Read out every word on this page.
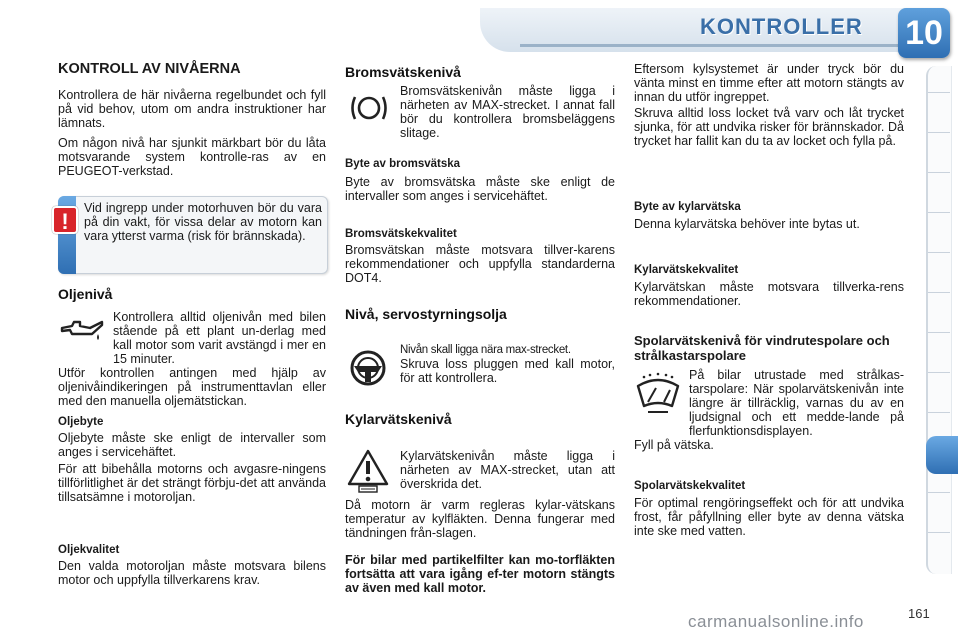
KONTROLLER 10
KONTROLL AV NIVÅERNA

Kontrollera de här nivåerna regelbundet och fyll på vid behov, utom om andra instruktioner har lämnats.

Om någon nivå har sjunkit märkbart bör du låta motsvarande system kontrolle-ras av en PEUGEOT-verkstad.

!
Vid ingrepp under motorhuven bör du vara på din vakt, för vissa delar av motorn kan vara ytterst varma (risk för brännskada).
Oljenivå
Kontrollera alltid oljenivån med bilen stående på ett plant un-derlag med kall motor som varit avstängd i mer en 15 minuter.
Utför kontrollen antingen med hjälp av oljenivåindikeringen på instrumenttavlan eller med den manuella oljemätstickan.
Oljebyte
Oljebyte måste ske enligt de intervaller som anges i servicehäftet.
För att bibehålla motorns och avgasre-ningens tillförlitlighet är det strängt förbju-det att använda tillsatsämne i motoroljan.
Oljekvalitet
Den valda motoroljan måste motsvara bilens motor och uppfylla tillverkarens krav.
Bromsvätskenivå
Bromsvätskenivån måste ligga i närheten av MAX-strecket. I annat fall bör du kontrollera bromsbeläggens slitage.
Byte av bromsvätska
Byte av bromsvätska måste ske enligt de intervaller som anges i servicehäftet.
Bromsvätskekvalitet
Bromsvätskan måste motsvara tillver-karens rekommendationer och uppfylla standarderna DOT4.
Nivå, servostyrningsolja
Nivån skall ligga nära max-strecket.
Skruva loss pluggen med kall motor, för att kontrollera.
Kylarvätskenivå
Kylarvätskenivån måste ligga i närheten av MAX-strecket, utan att överskrida det.
Då motorn är varm regleras kylar-vätskans temperatur av kylfläkten. Denna fungerar med tändningen från-slagen.
För bilar med partikelfilter kan mo-torfläkten fortsätta att vara igång ef-ter motorn stängts av även med kall motor.
Eftersom kylsystemet är under tryck bör du vänta minst en timme efter att motorn stängts av innan du utför ingreppet.
Skruva alltid loss locket två varv och låt trycket sjunka, för att undvika risker för brännskador. Då trycket har fallit kan du ta av locket och fylla på.
Byte av kylarvätska
Denna kylarvätska behöver inte bytas ut.
Kylarvätskekvalitet
Kylarvätskan måste motsvara tillverka-rens rekommendationer.
Spolarvätskenivå för vindrutespolare och strålkastarspolare
På bilar utrustade med strålkas-tarspolare: När spolarvätskenivån inte längre är tillräcklig, varnas du av en ljudsignal och ett medde-lande på flerfunktionsdisplayen.
Fyll på vätska.
Spolarvätskekvalitet
För optimal rengöringseffekt och för att undvika frost, får påfyllning eller byte av denna vätska inte ske med vatten.
161
carmanualsonline.info
